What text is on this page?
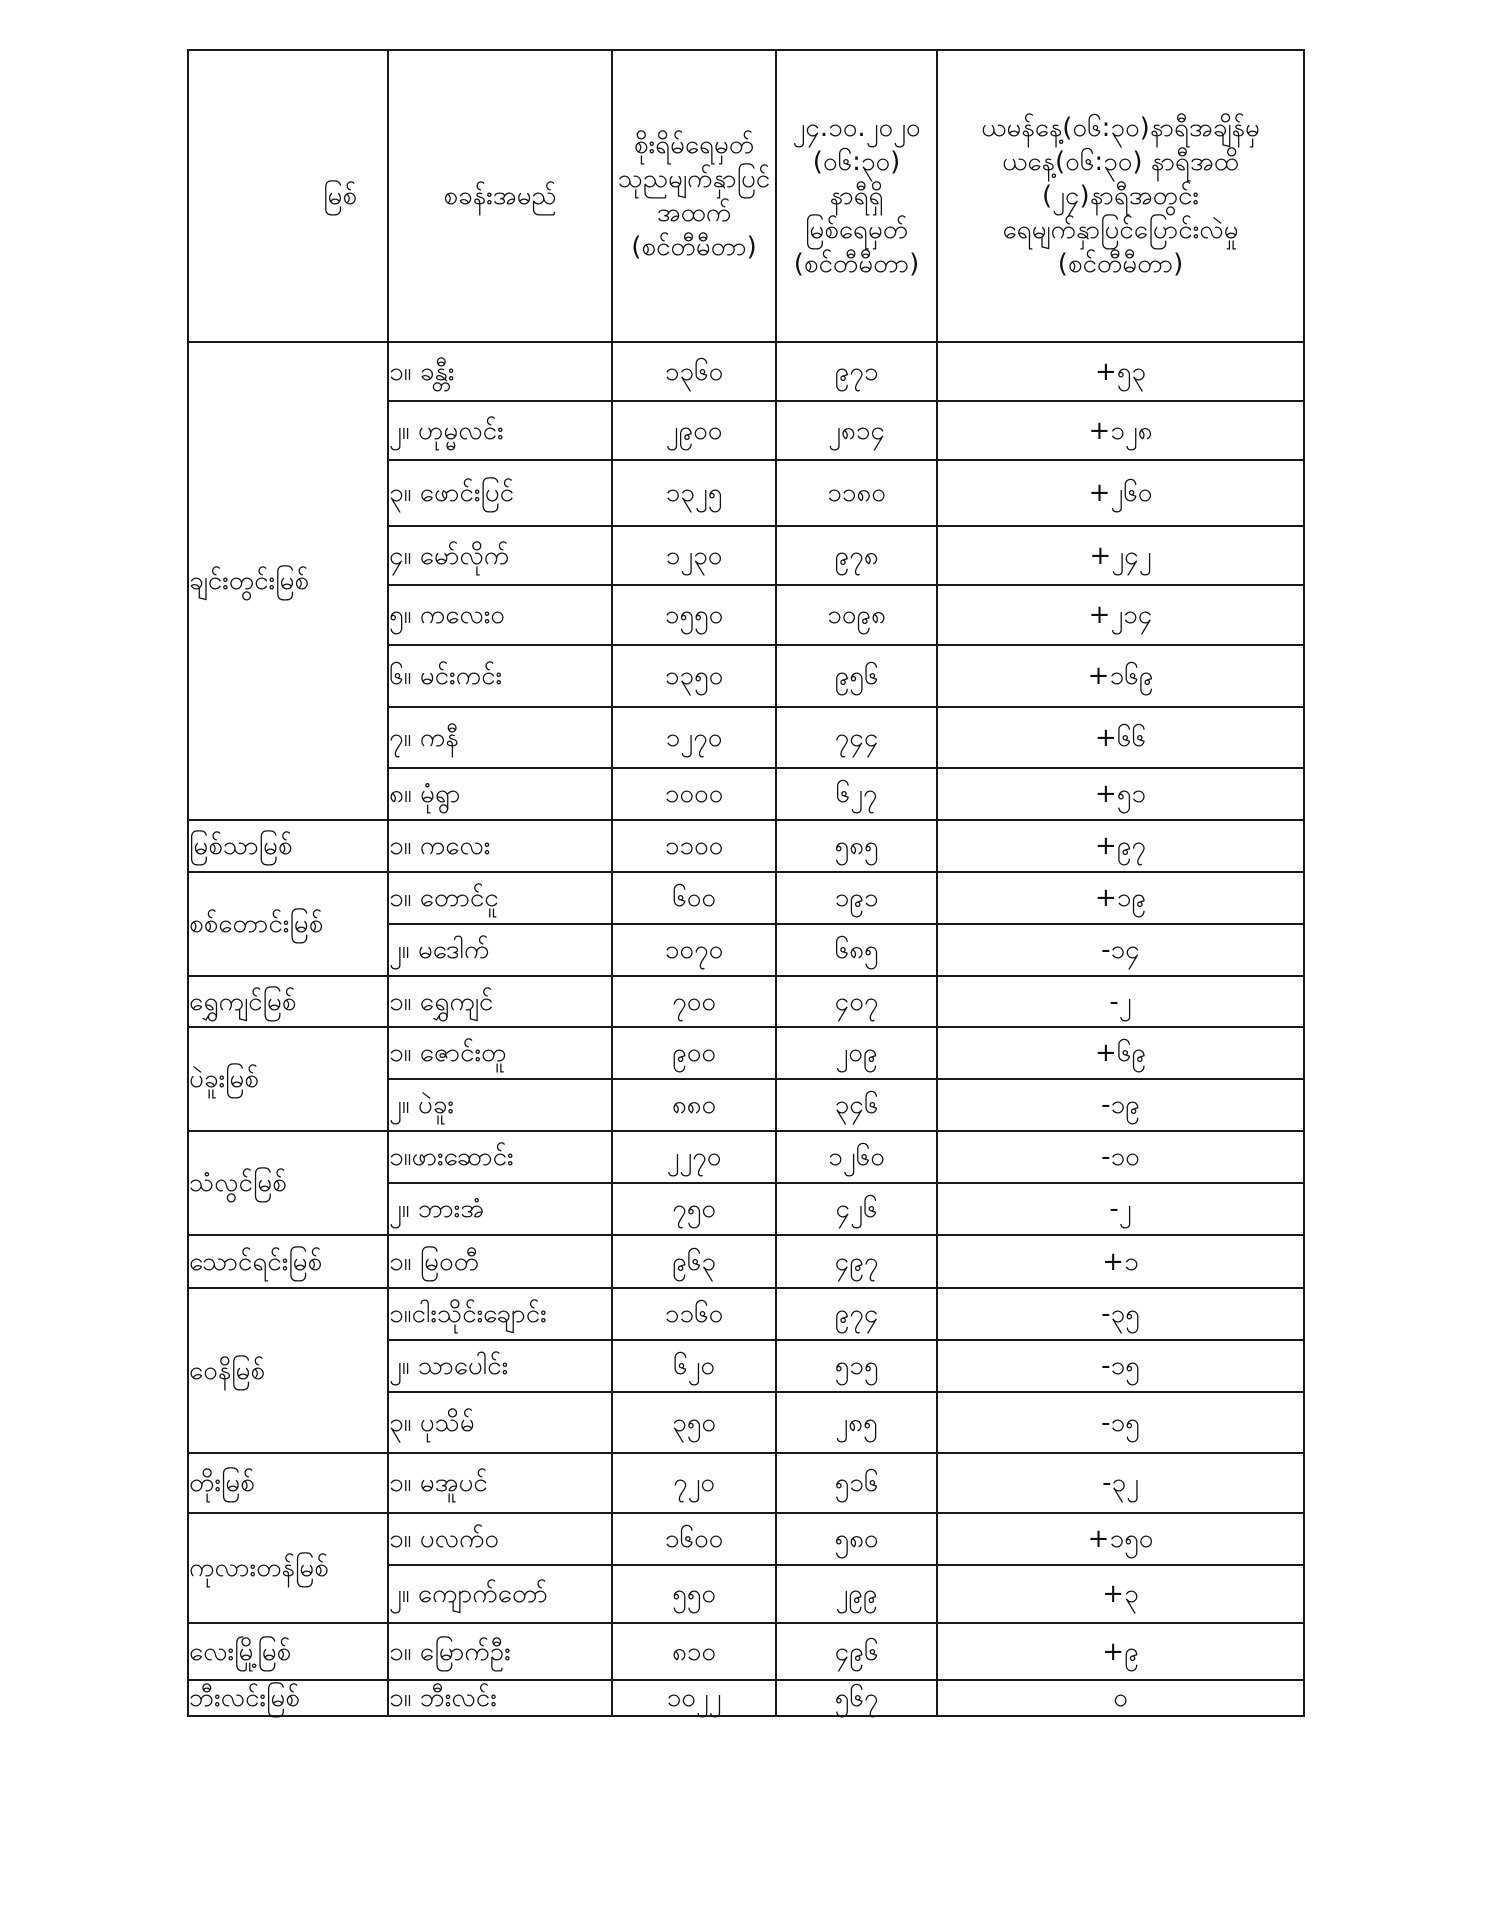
မြစ်	စခန်းအမည်	စိုးရိမ်ရေမှတ်
သုညမျက်နှာပြင်
အထက်
(စင်တီမီတာ)	၂၄.၁၀.၂၀၂၀
(၀၆:၃၀)
နာရီရှိ
မြစ်ရေမှတ်
(စင်တီမီတာ)	ယမန်နေ့(၀၆:၃၀)နာရီအချိန်မှ
ယနေ့(၀၆:၃၀) နာရီအထိ
(၂၄)နာရီအတွင်း
ရေမျက်နှာပြင်ပြောင်းလဲမှု
(စင်တီမီတာ)

ချင်းတွင်းမြစ်	၁။ ခန္တီး	၁၃၆၀	၉၇၁	+၅၃
	၂။ ဟုမ္မလင်း	၂၉၀၀	၂၈၁၄	+၁၂၈
	၃။ ဖောင်းပြင်	၁၃၂၅	၁၁၈၀	+၂၆၀
	၄။ မော်လိုက်	၁၂၃၀	၉၇၈	+၂၄၂
	၅။ ကလေးဝ	၁၅၅၀	၁၀၉၈	+၂၁၄
	၆။ မင်းကင်း	၁၃၅၀	၉၅၆	+၁၆၉
	၇။ ကနီ	၁၂၇၀	၇၄၄	+၆၆
	၈။ မုံရွာ	၁၀၀၀	၆၂၇	+၅၁
မြစ်သာမြစ်	၁။ ကလေး	၁၁၀၀	၅၈၅	+၉၇
စစ်တောင်းမြစ်	၁။ တောင်ငူ	၆၀၀	၁၉၁	+၁၉
	၂။ မဒေါက်	၁၀၇၀	၆၈၅	-၁၄
ရွှေကျင်မြစ်	၁။ ရွှေကျင်	၇၀၀	၄၀၇	-၂
ပဲခူးမြစ်	၁။ ဇောင်းတူ	၉၀၀	၂၀၉	+၆၉
	၂။ ပဲခူး	၈၈၀	၃၄၆	-၁၉
သံလွင်မြစ်	၁။ဖားဆောင်း	၂၂၇၀	၁၂၆၀	-၁၀
	၂။ ဘားအံ	၇၅၀	၄၂၆	-၂
သောင်ရင်းမြစ်	၁။ မြဝတီ	၉၆၃	၄၉၇	+၁
ဝေနိမြစ်	၁။ငါးသိုင်းချောင်း	၁၁၆၀	၉၇၄	-၃၅
	၂။ သာပေါင်း	၆၂၀	၅၁၅	-၁၅
	၃။ ပုသိမ်	၃၅၀	၂၈၅	-၁၅
တိုးမြစ်	၁။ မအူပင်	၇၂၀	၅၁၆	-၃၂
ကုလားတန်မြစ်	၁။ ပလက်ဝ	၁၆၀၀	၅၈၀	+၁၅၀
	၂။ ကျောက်တော်	၅၅၀	၂၉၉	+၃
လေးမြို့မြစ်	၁။ မြောက်ဦး	၈၁၀	၄၉၆	+၉
ဘီးလင်းမြစ်	၁။ ဘီးလင်း	၁၀၂၂	၅၆၇	၀
